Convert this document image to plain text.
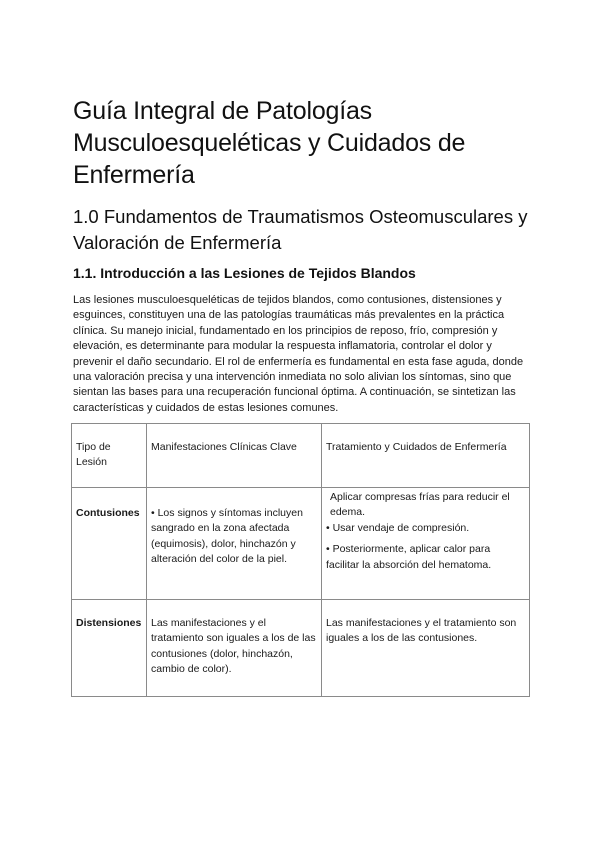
Guía Integral de Patologías Musculoesqueléticas y Cuidados de Enfermería
1.0 Fundamentos de Traumatismos Osteomusculares y Valoración de Enfermería
1.1. Introducción a las Lesiones de Tejidos Blandos

Las lesiones musculoesqueléticas de tejidos blandos, como contusiones, distensiones y esguinces, constituyen una de las patologías traumáticas más prevalentes en la práctica clínica. Su manejo inicial, fundamentado en los principios de reposo, frío, compresión y elevación, es determinante para modular la respuesta inflamatoria, controlar el dolor y prevenir el daño secundario. El rol de enfermería es fundamental en esta fase aguda, donde una valoración precisa y una intervención inmediata no solo alivian los síntomas, sino que sientan las bases para una recuperación funcional óptima. A continuación, se sintetizan las características y cuidados de estas lesiones comunes.

Tipo de Lesión	Manifestaciones Clínicas Clave	Tratamiento y Cuidados de Enfermería

Contusiones	• Los signos y síntomas incluyen sangrado en la zona afectada (equimosis), dolor, hinchazón y alteración del color de la piel.	Aplicar compresas frías para reducir el edema.
• Usar vendaje de compresión.
• Posteriormente, aplicar calor para facilitar la absorción del hematoma.

Distensiones	Las manifestaciones y el tratamiento son iguales a los de las contusiones (dolor, hinchazón, cambio de color).	Las manifestaciones y el tratamiento son iguales a los de las contusiones.
